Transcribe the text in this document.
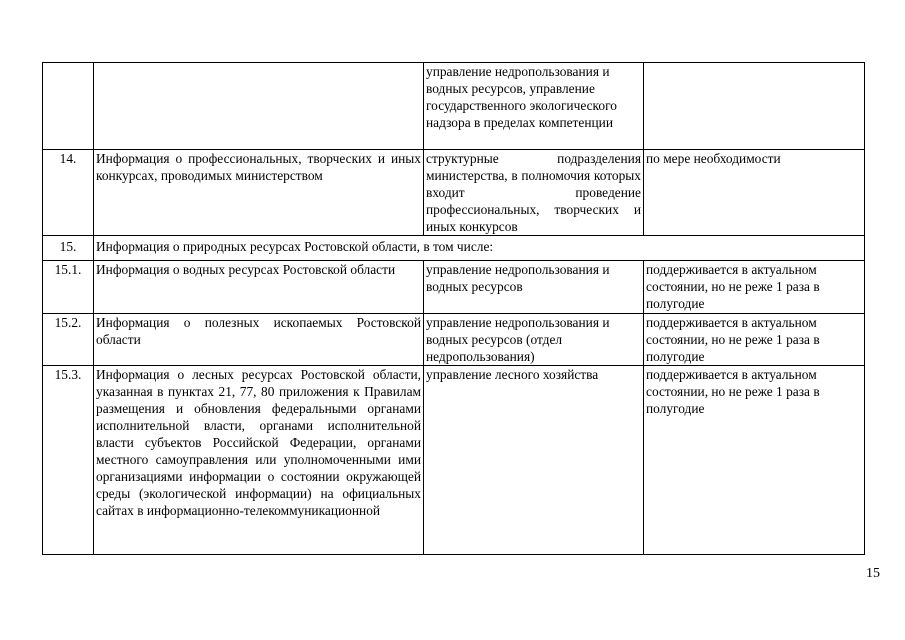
		управление недропользования и водных ресурсов, управление государственного экологического надзора в пределах компетенции	
14.	Информация о профессиональных, творческих и иных конкурсах, проводимых министерством	структурные подразделения министерства, в полномочия которых входит проведение профессиональных, творческих и иных конкурсов	по мере необходимости
15.	Информация о природных ресурсах Ростовской области, в том числе:		
15.1.	Информация о водных ресурсах Ростовской области	управление недропользования и водных ресурсов	поддерживается в актуальном состоянии, но не реже 1 раза в полугодие
15.2.	Информация о полезных ископаемых Ростовской области	управление недропользования и водных ресурсов (отдел недропользования)	поддерживается в актуальном состоянии, но не реже 1 раза в полугодие
15.3.	Информация о лесных ресурсах Ростовской области, указанная в пунктах 21, 77, 80 приложения к Правилам размещения и обновления федеральными органами исполнительной власти, органами исполнительной власти субъектов Российской Федерации, органами местного самоуправления или уполномоченными ими организациями информации о состоянии окружающей среды (экологической информации) на официальных сайтах в информационно-телекоммуникационной	управление лесного хозяйства	поддерживается в актуальном состоянии, но не реже 1 раза в полугодие
15
